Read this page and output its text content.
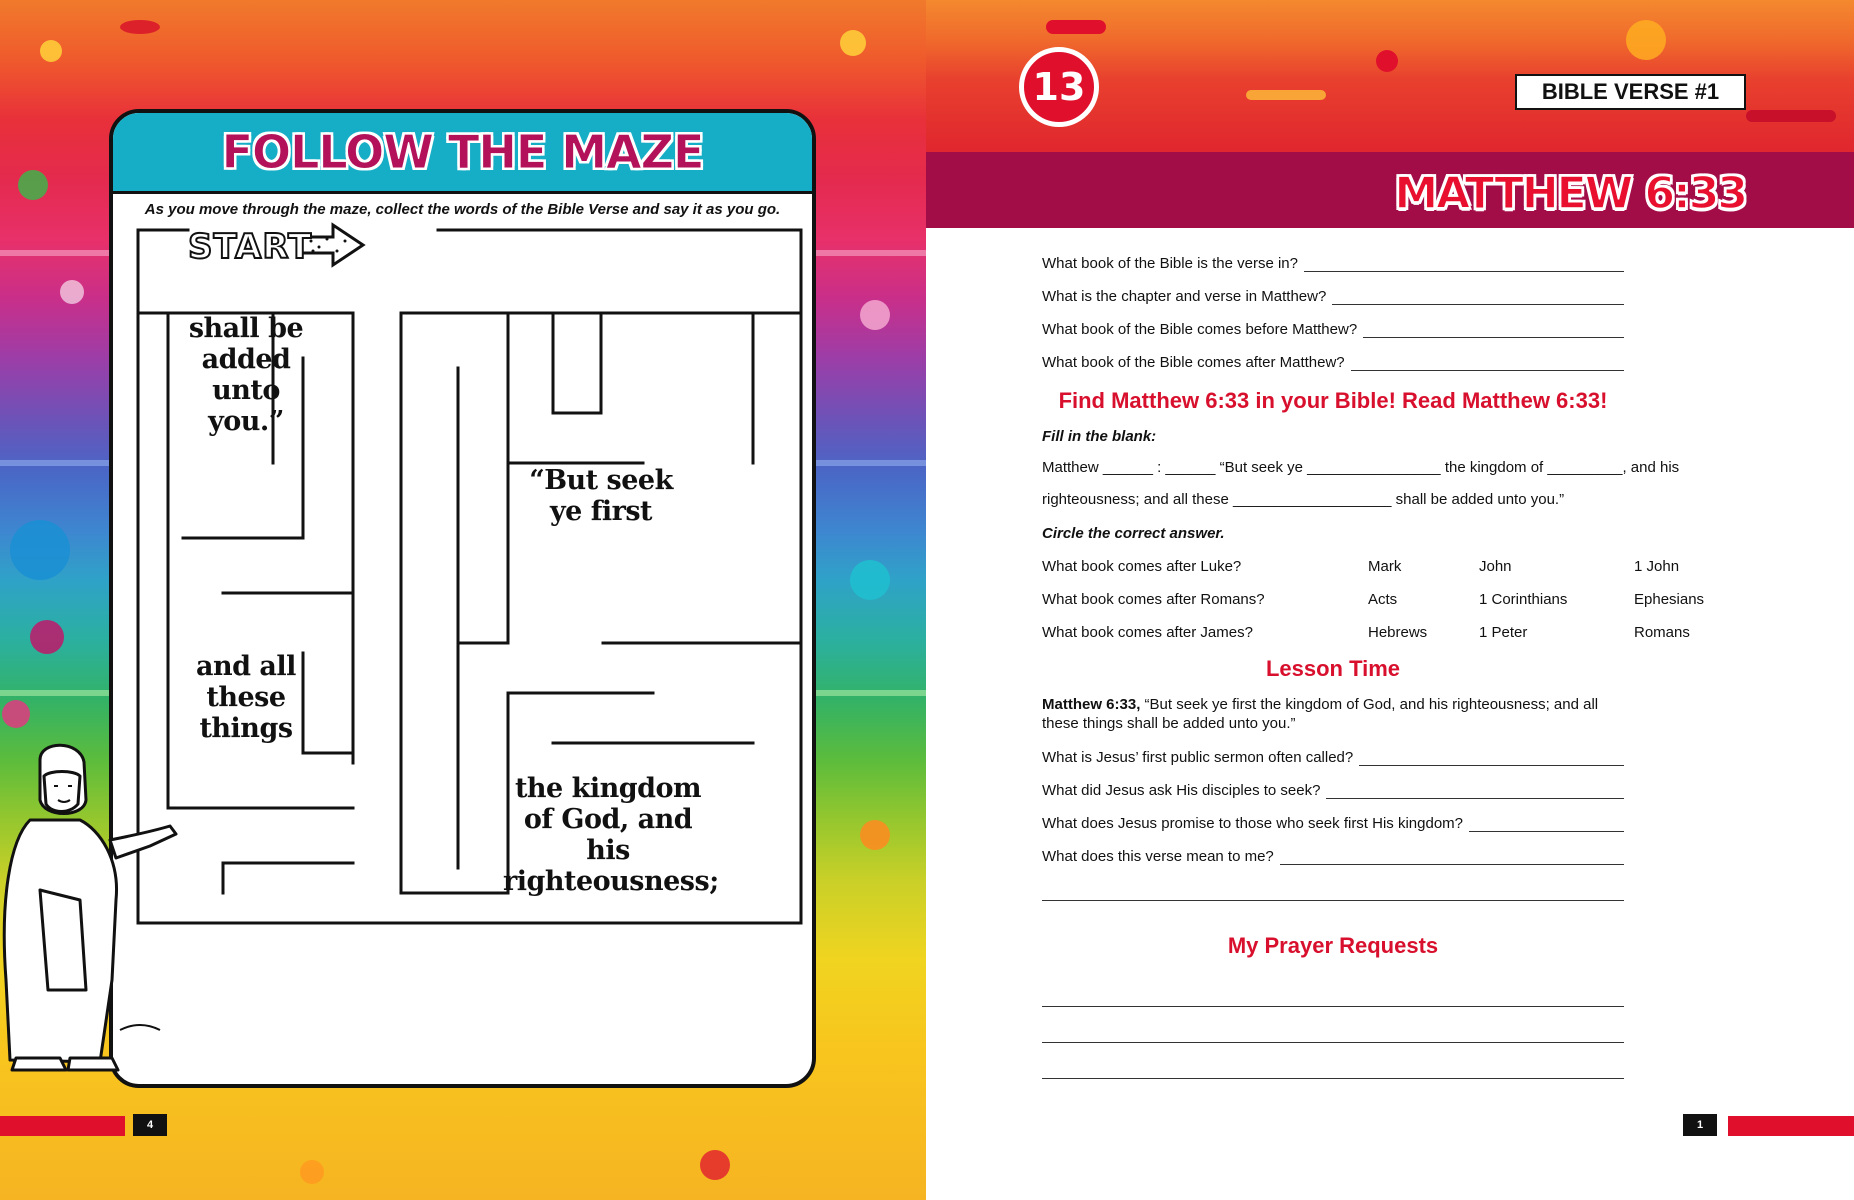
FOLLOW THE MAZE
As you move through the maze, collect the words of the Bible Verse and say it as you go.
START
shall be
added
unto
you.”
“But seek
ye first
and all
these
things
the kingdom
of God, and his
righteousness;
4
MATTHEW 6:33
BIBLE VERSE #1
What book of the Bible is the verse in?
What is the chapter and verse in Matthew?
What book of the Bible comes before Matthew?
What book of the Bible comes after Matthew?
Find Matthew 6:33 in your Bible! Read Matthew 6:33!
Fill in the blank:
Matthew ______ : ______ “But seek ye ________________ the kingdom of _________, and his
righteousness; and all these ___________________ shall be added unto you.”
Circle the correct answer.
What book comes after Luke?	Mark	John	1 John
What book comes after Romans?	Acts	1 Corinthians	Ephesians
What book comes after James?	Hebrews	1 Peter	Romans
Lesson Time
Matthew 6:33, “But seek ye first the kingdom of God, and his righteousness; and all these things shall be added unto you.”
What is Jesus’ first public sermon often called?
What did Jesus ask His disciples to seek?
What does Jesus promise to those who seek first His kingdom?
What does this verse mean to me?
My Prayer Requests
1
13
